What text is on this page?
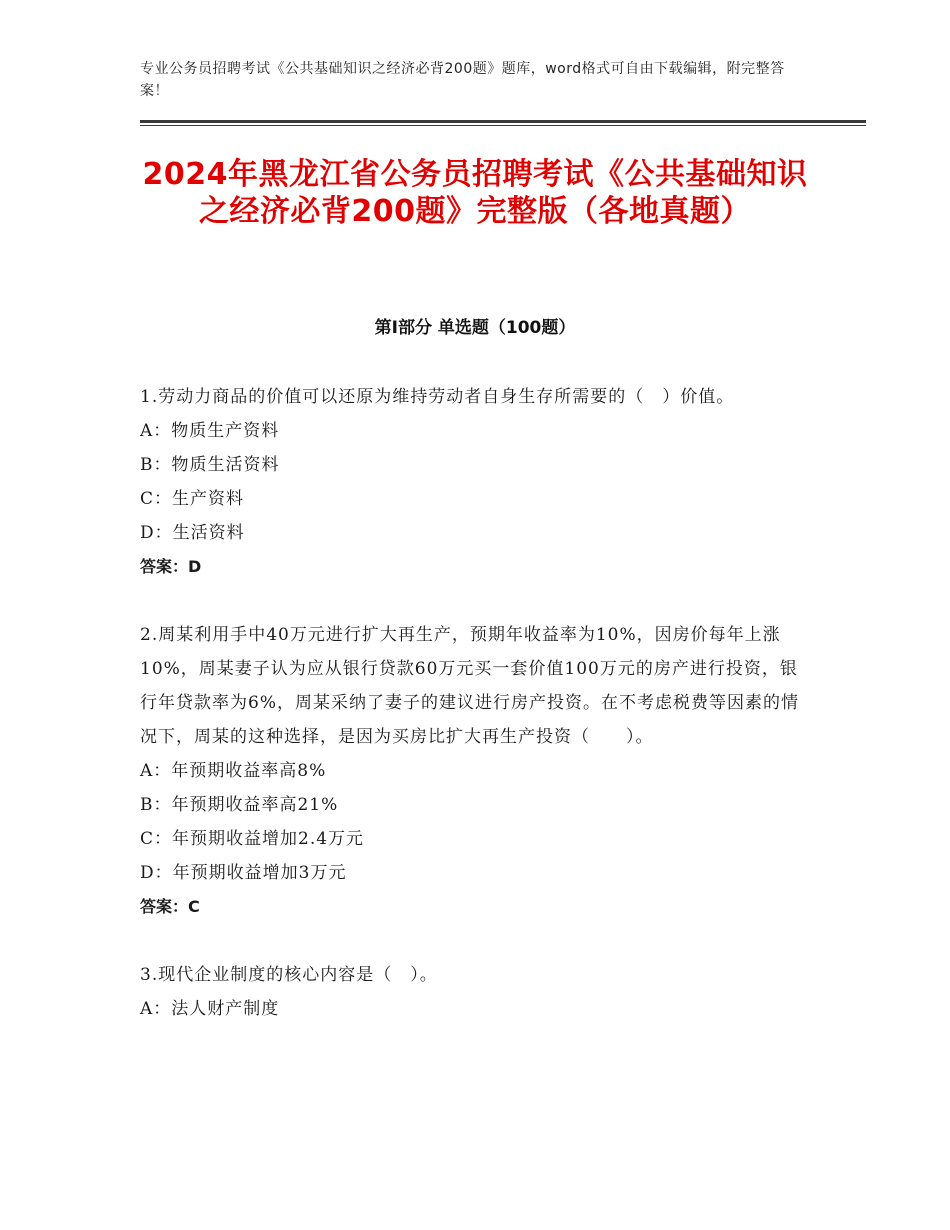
专业公务员招聘考试《公共基础知识之经济必背200题》题库，word格式可自由下载编辑，附完整答案！
2024年黑龙江省公务员招聘考试《公共基础知识之经济必背200题》完整版（各地真题）
第I部分 单选题（100题）

1.劳动力商品的价值可以还原为维持劳动者自身生存所需要的（　）价值。

A：物质生产资料

B：物质生活资料

C：生产资料

D：生活资料

答案：D

2.周某利用手中40万元进行扩大再生产，预期年收益率为10%，因房价每年上涨10%，周某妻子认为应从银行贷款60万元买一套价值100万元的房产进行投资，银行年贷款率为6%，周某采纳了妻子的建议进行房产投资。在不考虑税费等因素的情况下，周某的这种选择，是因为买房比扩大再生产投资（　　）。

A：年预期收益率高8%

B：年预期收益率高21%

C：年预期收益增加2.4万元

D：年预期收益增加3万元

答案：C

3.现代企业制度的核心内容是（　）。

A：法人财产制度
